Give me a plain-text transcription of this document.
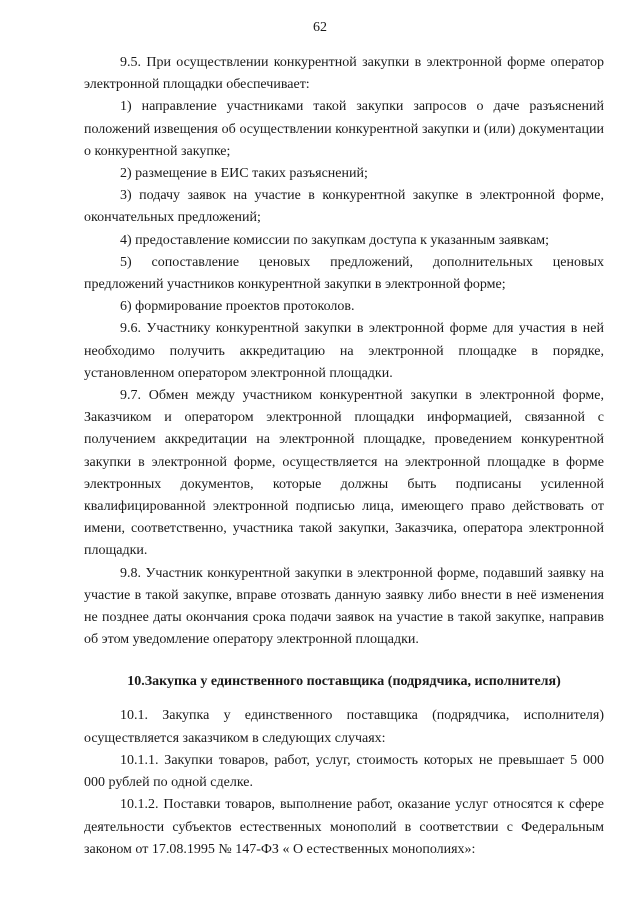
62

9.5. При осуществлении конкурентной закупки в электронной форме оператор электронной площадки обеспечивает:

1) направление участниками такой закупки запросов о даче разъяснений положений извещения об осуществлении конкурентной закупки и (или) документации о конкурентной закупке;

2) размещение в ЕИС таких разъяснений;

3) подачу заявок на участие в конкурентной закупке в электронной форме, окончательных предложений;

4) предоставление комиссии по закупкам доступа к указанным заявкам;

5) сопоставление ценовых предложений, дополнительных ценовых предложений участников конкурентной закупки в электронной форме;

6) формирование проектов протоколов.

9.6. Участнику конкурентной закупки в электронной форме для участия в ней необходимо получить аккредитацию на электронной площадке в порядке, установленном оператором электронной площадки.

9.7. Обмен между участником конкурентной закупки в электронной форме, Заказчиком и оператором электронной площадки информацией, связанной с получением аккредитации на электронной площадке, проведением конкурентной закупки в электронной форме, осуществляется на электронной площадке в форме электронных документов, которые должны быть подписаны усиленной квалифицированной электронной подписью лица, имеющего право действовать от имени, соответственно, участника такой закупки, Заказчика, оператора электронной площадки.

9.8. Участник конкурентной закупки в электронной форме, подавший заявку на участие в такой закупке, вправе отозвать данную заявку либо внести в неё изменения не позднее даты окончания срока подачи заявок на участие в такой закупке, направив об этом уведомление оператору электронной площадки.

10.Закупка у единственного поставщика (подрядчика, исполнителя)

10.1. Закупка у единственного поставщика (подрядчика, исполнителя) осуществляется заказчиком в следующих случаях:

10.1.1. Закупки товаров, работ, услуг, стоимость которых не превышает 5 000 000 рублей по одной сделке.

10.1.2. Поставки товаров, выполнение работ, оказание услуг относятся к сфере деятельности субъектов естественных монополий в соответствии с Федеральным законом от 17.08.1995 № 147-ФЗ « О естественных монополиях»:
